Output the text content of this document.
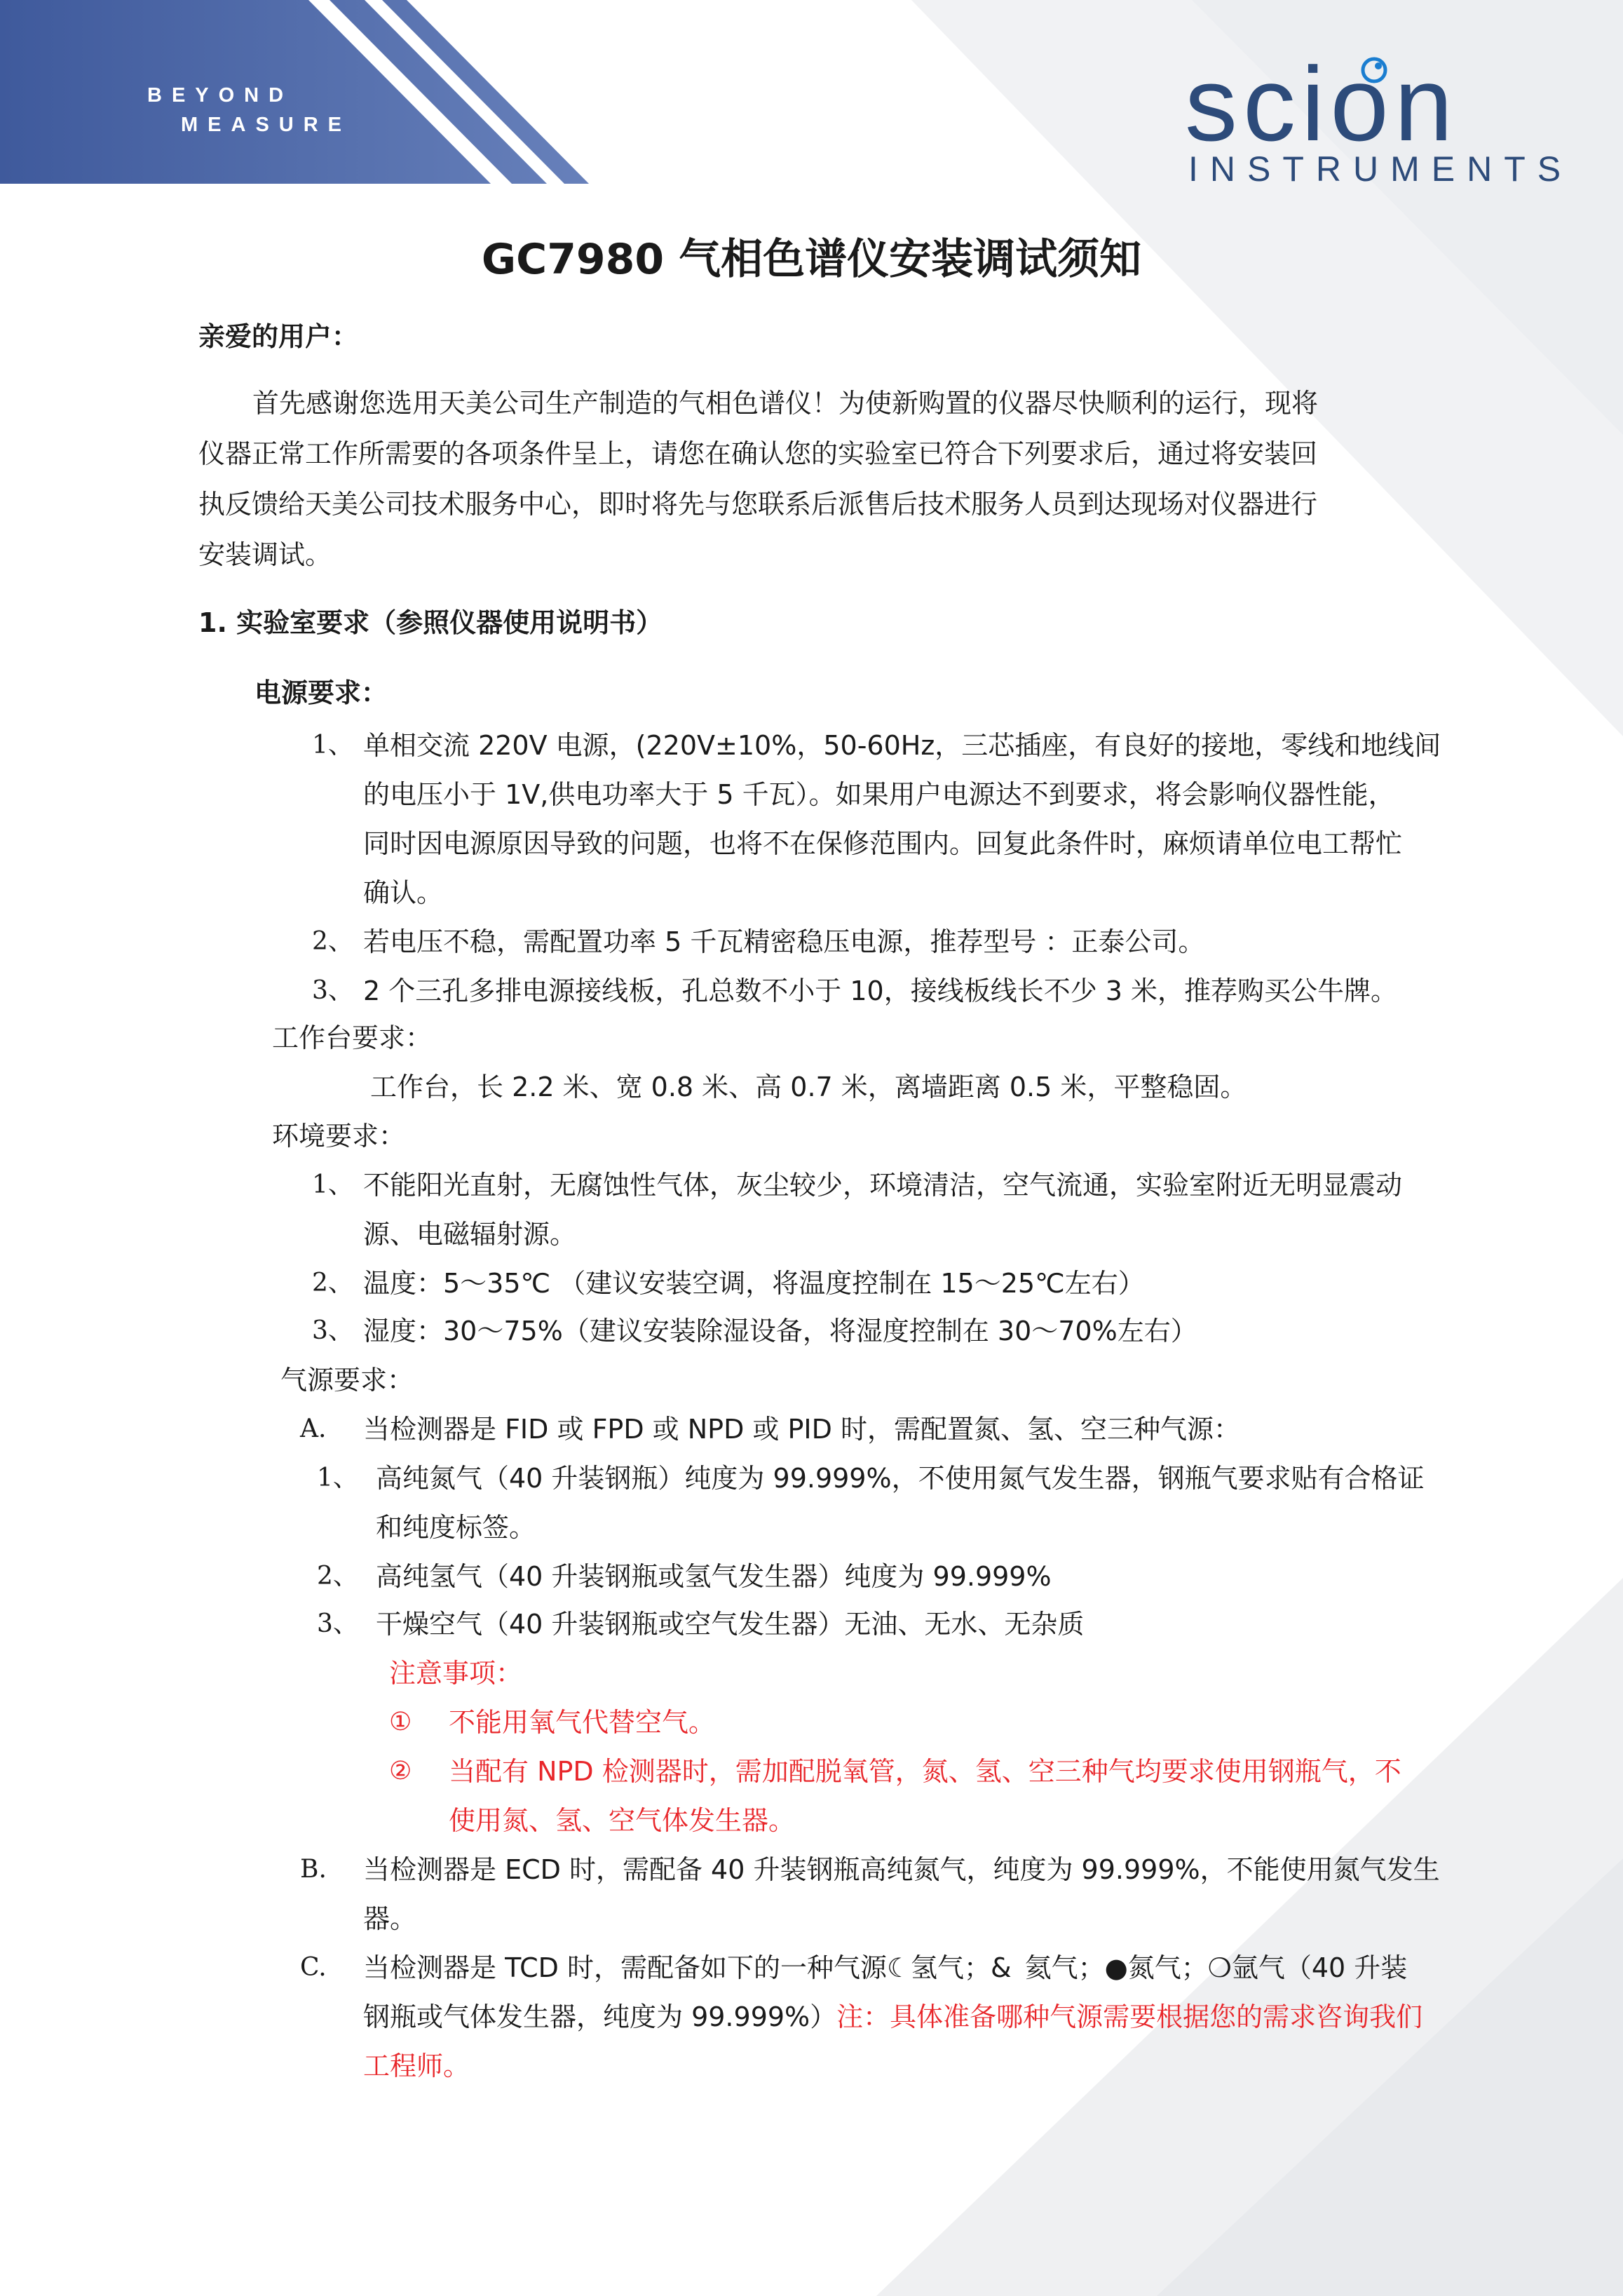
BEYOND
MEASURE	scion
INSTRUMENTS
GC7980 气相色谱仪安装调试须知
亲爱的用户：
首先感谢您选用天美公司生产制造的气相色谱仪！为使新购置的仪器尽快顺利的运行，现将
仪器正常工作所需要的各项条件呈上，请您在确认您的实验室已符合下列要求后，通过将安装回
执反馈给天美公司技术服务中心，即时将先与您联系后派售后技术服务人员到达现场对仪器进行
安装调试。
1. 实验室要求（参照仪器使用说明书）
电源要求：
1、 单相交流 220V 电源，(220V±10%，50-60Hz，三芯插座，有良好的接地，零线和地线间
的电压小于 1V,供电功率大于 5 千瓦）。如果用户电源达不到要求，将会影响仪器性能，
同时因电源原因导致的问题，也将不在保修范围内。回复此条件时，麻烦请单位电工帮忙
确认。
2、 若电压不稳，需配置功率 5 千瓦精密稳压电源，推荐型号 ：正泰公司。
3、 2 个三孔多排电源接线板，孔总数不小于 10，接线板线长不少 3 米，推荐购买公牛牌。
工作台要求：
工作台，长 2.2 米、宽 0.8 米、高 0.7 米，离墙距离 0.5 米，平整稳固。
环境要求：
1、 不能阳光直射，无腐蚀性气体，灰尘较少，环境清洁，空气流通，实验室附近无明显震动
源、电磁辐射源。
2、 温度：5～35℃ （建议安装空调，将温度控制在 15～25℃左右）
3、 湿度：30～75%（建议安装除湿设备，将湿度控制在 30～70%左右）
气源要求：
A. 当检测器是 FID 或 FPD 或 NPD 或 PID 时，需配置氮、氢、空三种气源：
1、 高纯氮气（40 升装钢瓶）纯度为 99.999%，不使用氮气发生器，钢瓶气要求贴有合格证
和纯度标签。
2、 高纯氢气（40 升装钢瓶或氢气发生器）纯度为 99.999%
3、 干燥空气（40 升装钢瓶或空气发生器）无油、无水、无杂质
注意事项：
① 不能用氧气代替空气。
② 当配有 NPD 检测器时，需加配脱氧管，氮、氢、空三种气均要求使用钢瓶气，不
使用氮、氢、空气体发生器。
B. 当检测器是 ECD 时，需配备 40 升装钢瓶高纯氮气，纯度为 99.999%，不能使用氮气发生
器。
C. 当检测器是 TCD 时，需配备如下的一种气源☾氢气；& 氦气；●氮气；❍氩气（40 升装
钢瓶或气体发生器，纯度为 99.999%）注：具体准备哪种气源需要根据您的需求咨询我们
工程师。
